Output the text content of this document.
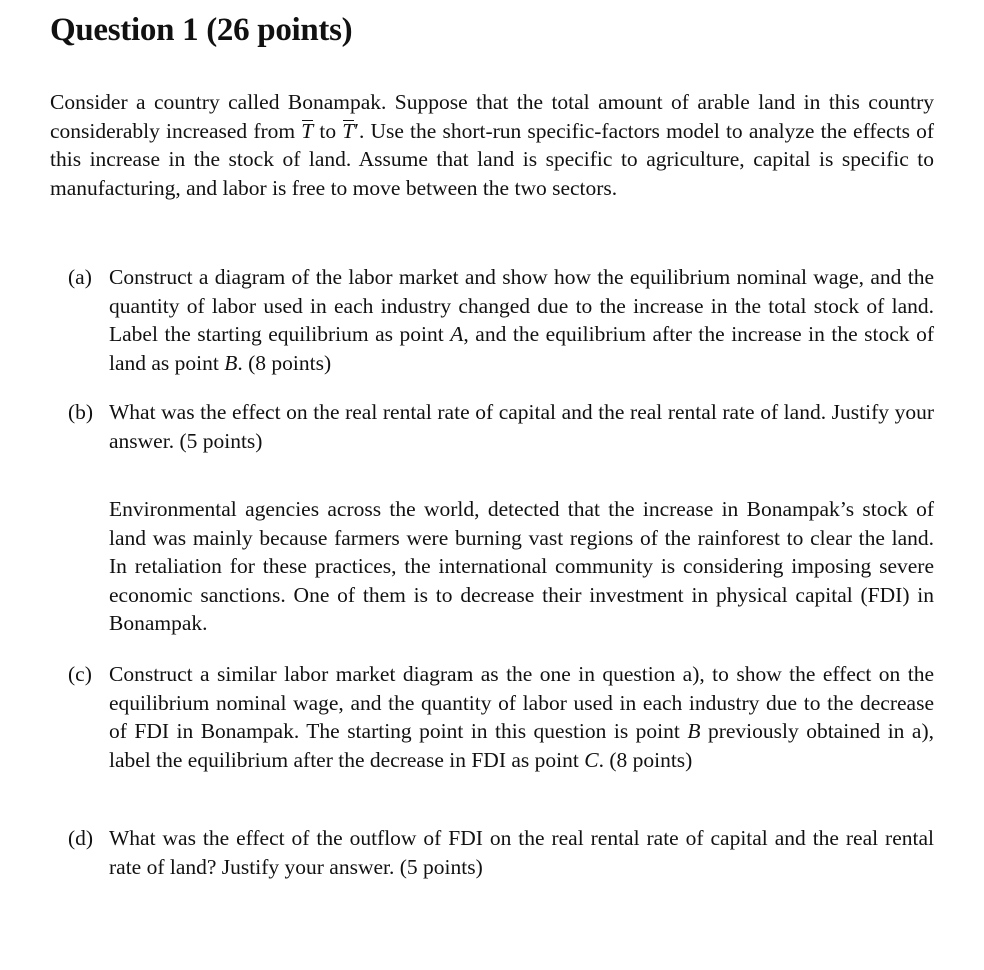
Question 1 (26 points)

Consider a country called Bonampak. Suppose that the total amount of arable land in this country considerably increased from T to T′. Use the short-run specific-factors model to analyze the effects of this increase in the stock of land. Assume that land is specific to agriculture, capital is specific to manufacturing, and labor is free to move between the two sectors.

(a) Construct a diagram of the labor market and show how the equilibrium nominal wage, and the quantity of labor used in each industry changed due to the increase in the total stock of land. Label the starting equilibrium as point A, and the equilibrium after the increase in the stock of land as point B. (8 points)

(b) What was the effect on the real rental rate of capital and the real rental rate of land. Justify your answer. (5 points)

Environmental agencies across the world, detected that the increase in Bonampak’s stock of land was mainly because farmers were burning vast regions of the rainforest to clear the land. In retaliation for these practices, the international community is considering imposing severe economic sanctions. One of them is to decrease their investment in physical capital (FDI) in Bonampak.

(c) Construct a similar labor market diagram as the one in question a), to show the effect on the equilibrium nominal wage, and the quantity of labor used in each industry due to the decrease of FDI in Bonampak. The starting point in this question is point B previously obtained in a), label the equilibrium after the decrease in FDI as point C. (8 points)

(d) What was the effect of the outflow of FDI on the real rental rate of capital and the real rental rate of land? Justify your answer. (5 points)
